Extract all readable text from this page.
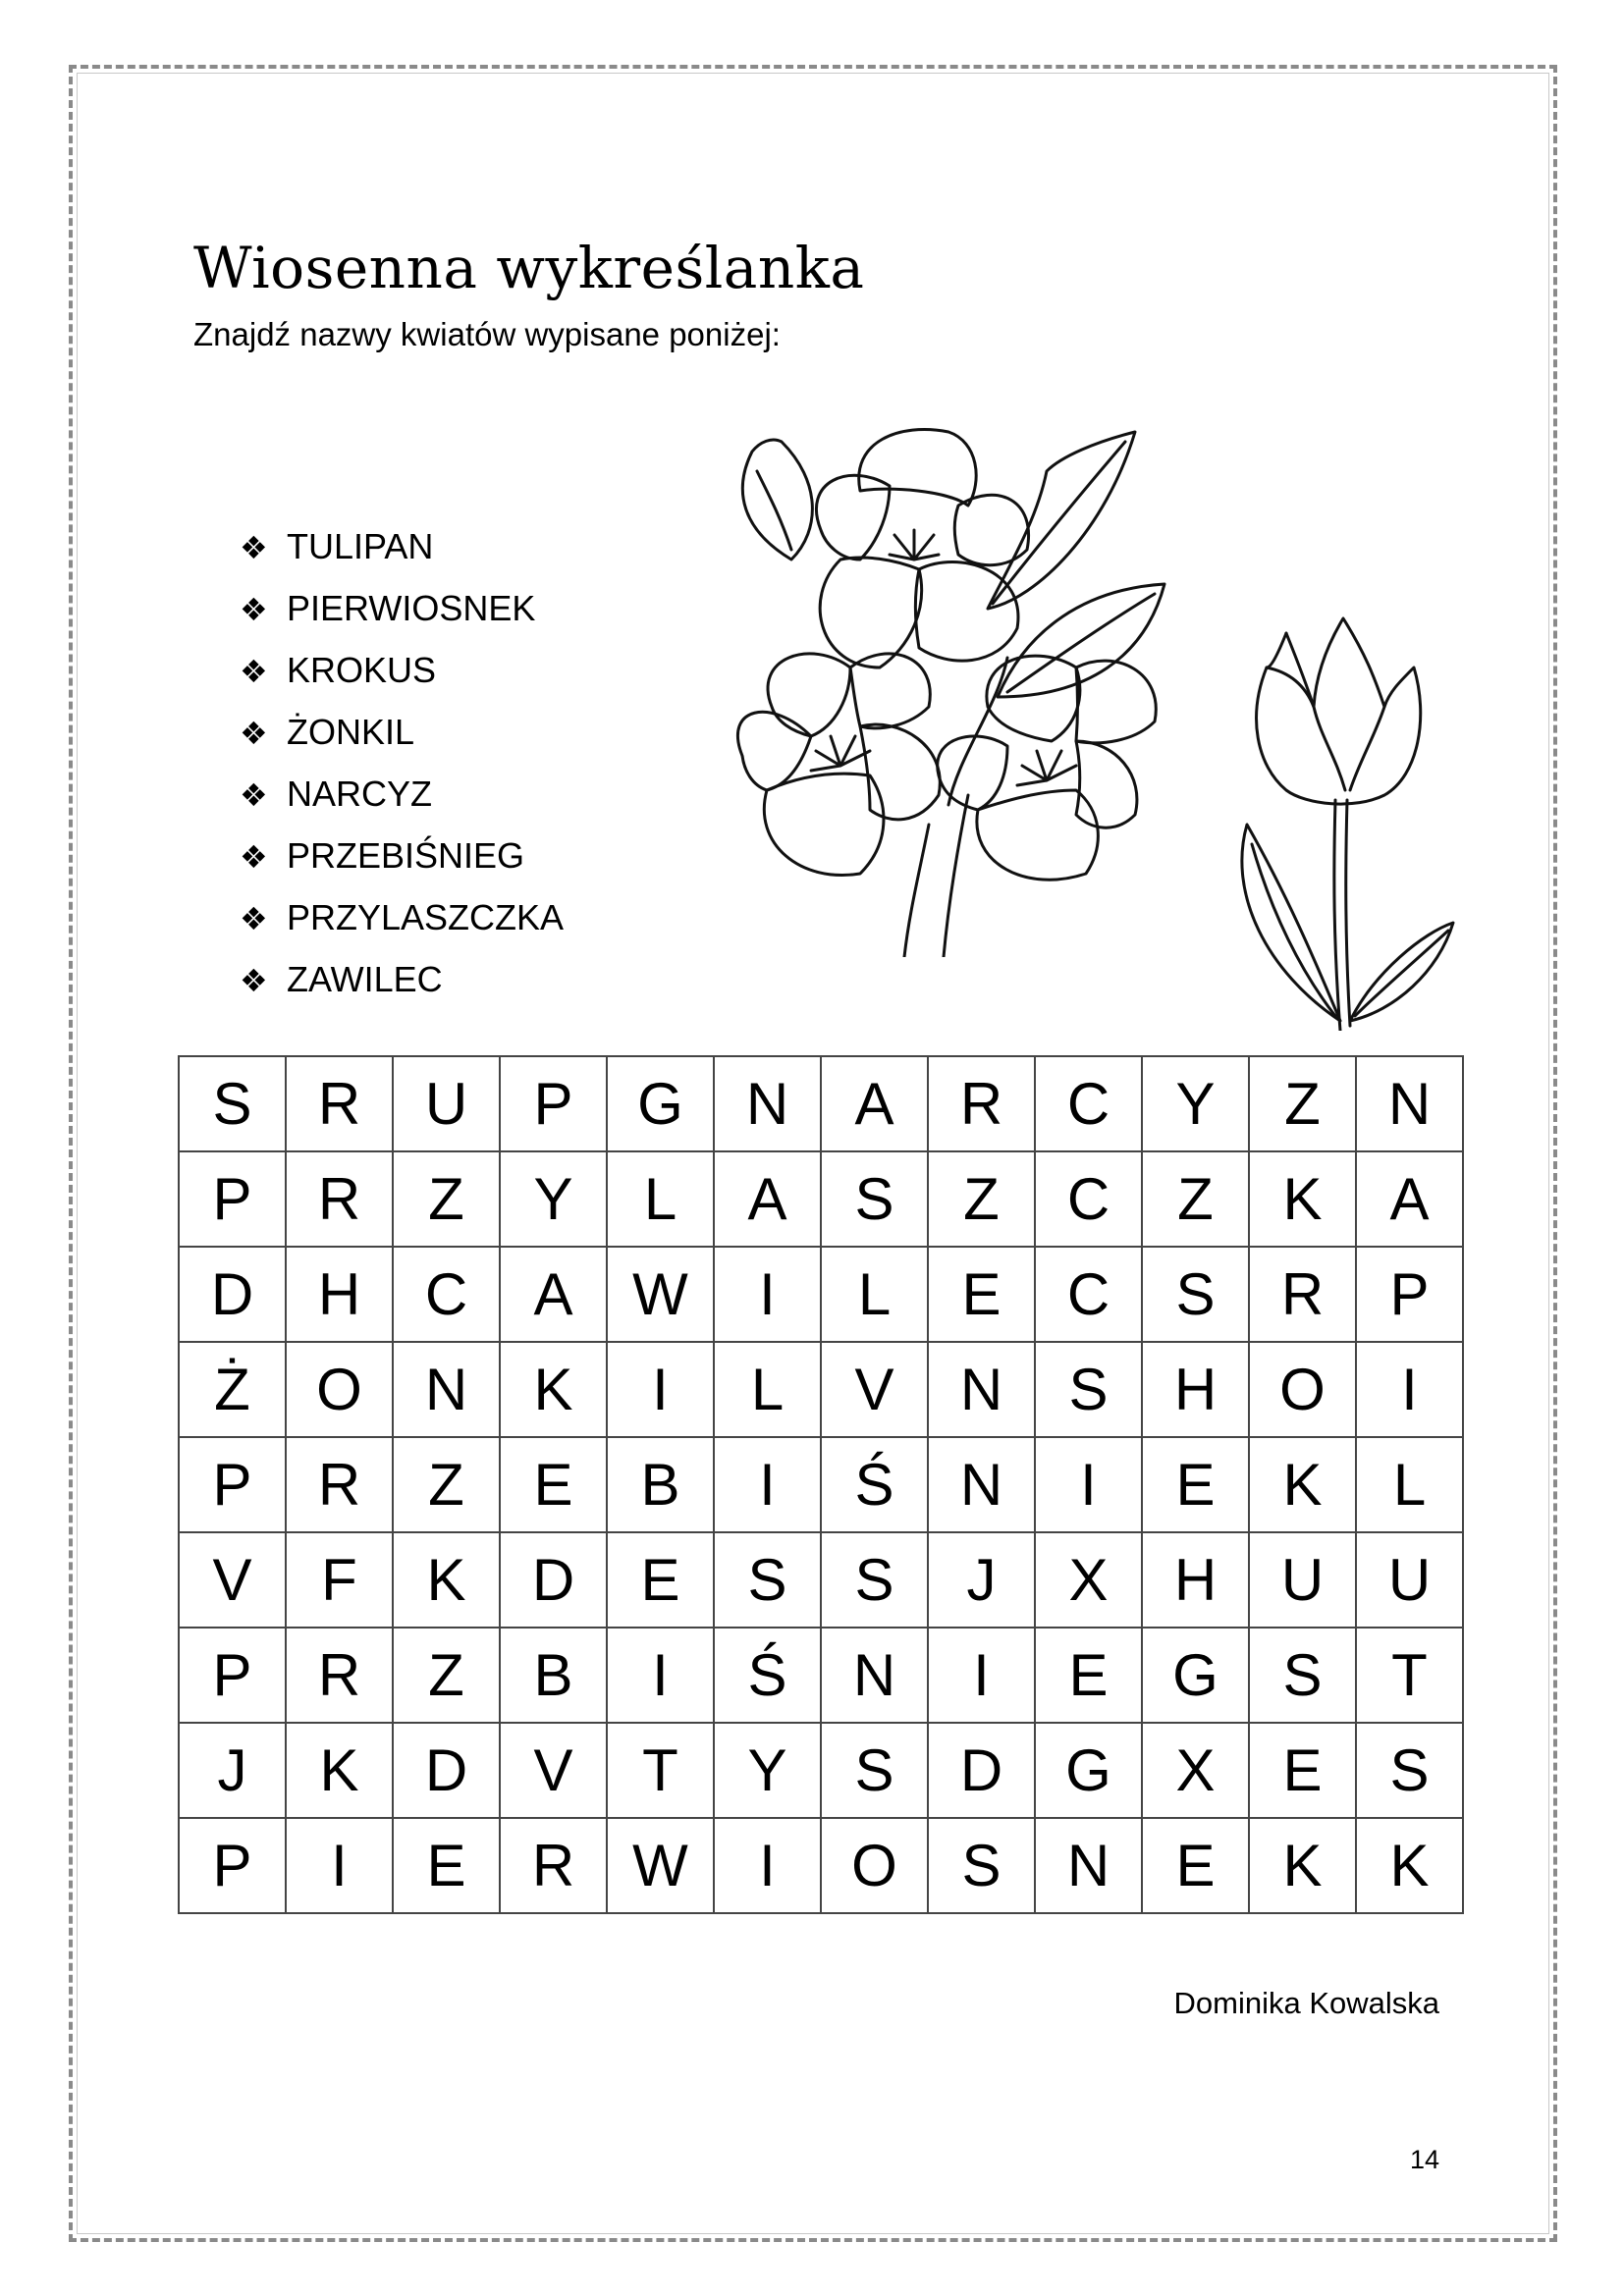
Wiosenna wykreślanka
Znajdź nazwy kwiatów wypisane poniżej:
❖ TULIPAN
❖ PIERWIOSNEK
❖ KROKUS
❖ ŻONKIL
❖ NARCYZ
❖ PRZEBIŚNIEG
❖ PRZYLASZCZKA
❖ ZAWILEC
S	R	U	P	G	N	A	R	C	Y	Z	N
P	R	Z	Y	L	A	S	Z	C	Z	K	A
D	H	C	A	W	I	L	E	C	S	R	P
Ż	O	N	K	I	L	V	N	S	H	O	I
P	R	Z	E	B	I	Ś	N	I	E	K	L
V	F	K	D	E	S	S	J	X	H	U	U
P	R	Z	B	I	Ś	N	I	E	G	S	T
J	K	D	V	T	Y	S	D	G	X	E	S
P	I	E	R	W	I	O	S	N	E	K	K
Dominika Kowalska
14
